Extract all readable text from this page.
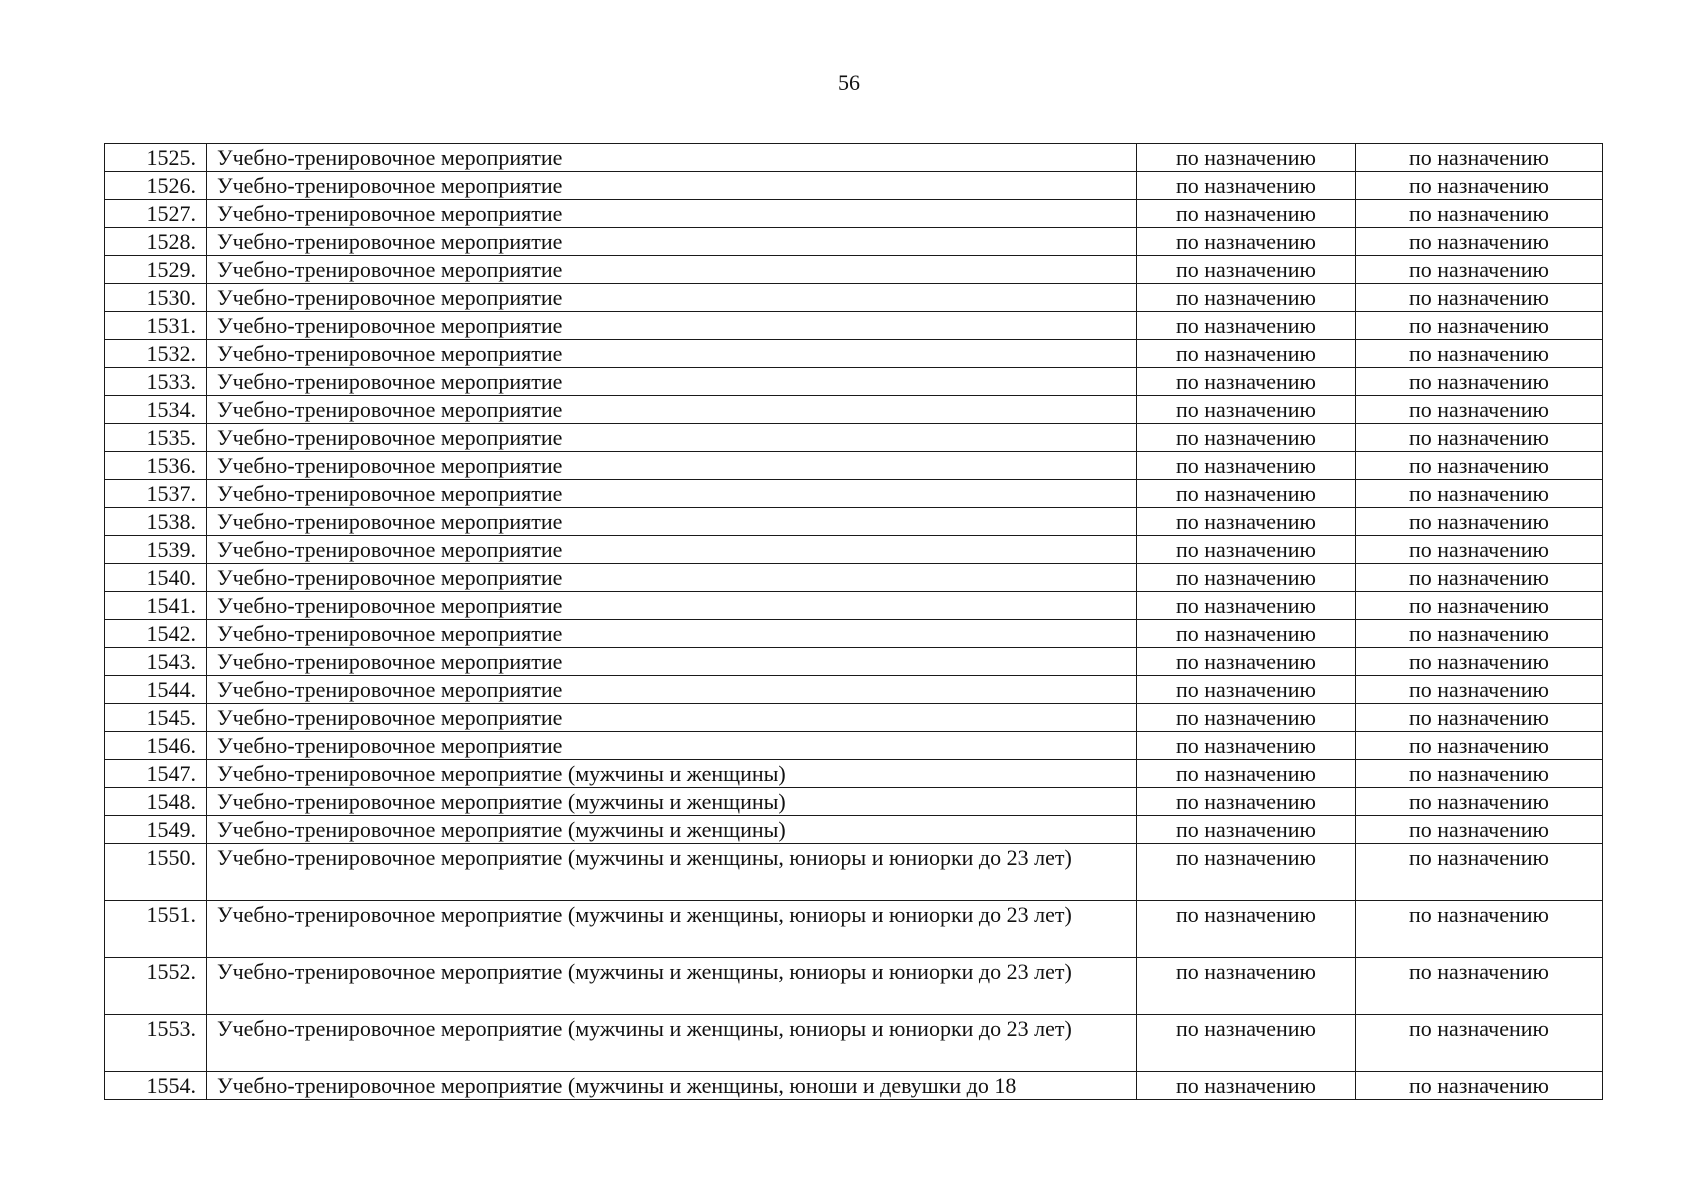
56
1525.	Учебно-тренировочное мероприятие	по назначению	по назначению
1526.	Учебно-тренировочное мероприятие	по назначению	по назначению
1527.	Учебно-тренировочное мероприятие	по назначению	по назначению
1528.	Учебно-тренировочное мероприятие	по назначению	по назначению
1529.	Учебно-тренировочное мероприятие	по назначению	по назначению
1530.	Учебно-тренировочное мероприятие	по назначению	по назначению
1531.	Учебно-тренировочное мероприятие	по назначению	по назначению
1532.	Учебно-тренировочное мероприятие	по назначению	по назначению
1533.	Учебно-тренировочное мероприятие	по назначению	по назначению
1534.	Учебно-тренировочное мероприятие	по назначению	по назначению
1535.	Учебно-тренировочное мероприятие	по назначению	по назначению
1536.	Учебно-тренировочное мероприятие	по назначению	по назначению
1537.	Учебно-тренировочное мероприятие	по назначению	по назначению
1538.	Учебно-тренировочное мероприятие	по назначению	по назначению
1539.	Учебно-тренировочное мероприятие	по назначению	по назначению
1540.	Учебно-тренировочное мероприятие	по назначению	по назначению
1541.	Учебно-тренировочное мероприятие	по назначению	по назначению
1542.	Учебно-тренировочное мероприятие	по назначению	по назначению
1543.	Учебно-тренировочное мероприятие	по назначению	по назначению
1544.	Учебно-тренировочное мероприятие	по назначению	по назначению
1545.	Учебно-тренировочное мероприятие	по назначению	по назначению
1546.	Учебно-тренировочное мероприятие	по назначению	по назначению
1547.	Учебно-тренировочное мероприятие (мужчины и женщины)	по назначению	по назначению
1548.	Учебно-тренировочное мероприятие (мужчины и женщины)	по назначению	по назначению
1549.	Учебно-тренировочное мероприятие (мужчины и женщины)	по назначению	по назначению
1550.	Учебно-тренировочное мероприятие (мужчины и женщины, юниоры и юниорки до 23 лет)	по назначению	по назначению
1551.	Учебно-тренировочное мероприятие (мужчины и женщины, юниоры и юниорки до 23 лет)	по назначению	по назначению
1552.	Учебно-тренировочное мероприятие (мужчины и женщины, юниоры и юниорки до 23 лет)	по назначению	по назначению
1553.	Учебно-тренировочное мероприятие (мужчины и женщины, юниоры и юниорки до 23 лет)	по назначению	по назначению
1554.	Учебно-тренировочное мероприятие (мужчины и женщины, юноши и девушки до 18	по назначению	по назначению
